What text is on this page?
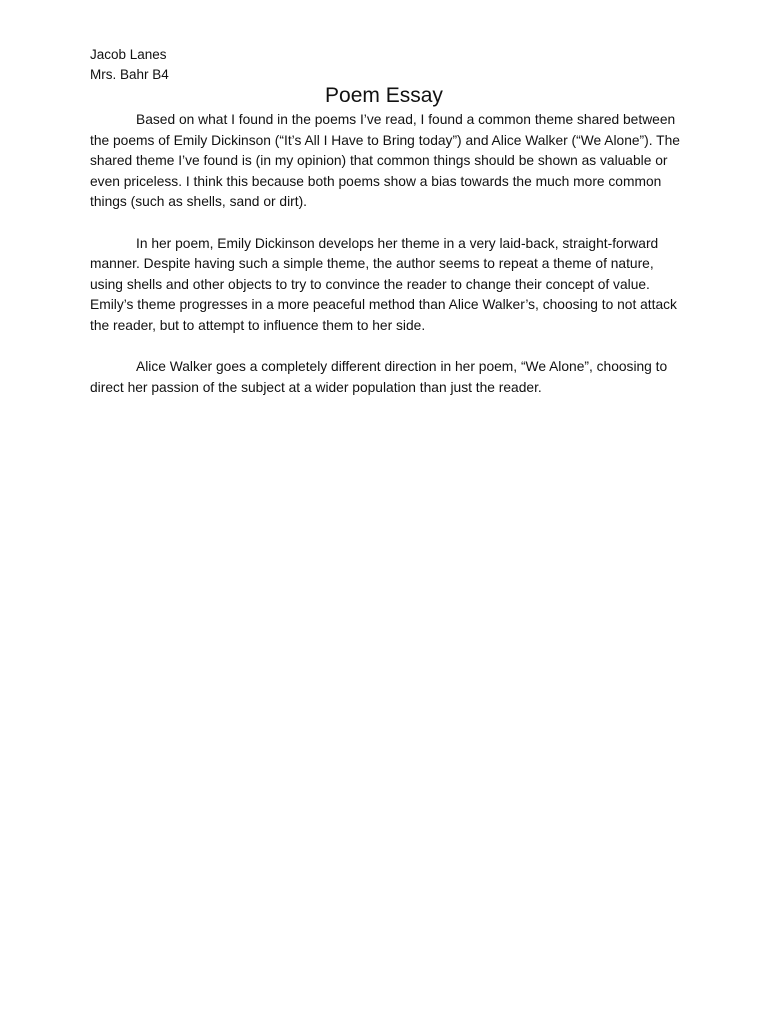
Jacob Lanes

Mrs. Bahr B4

Poem Essay

Based on what I found in the poems I’ve read, I found a common theme shared between the poems of Emily Dickinson (“It’s All I Have to Bring today”) and Alice Walker (“We Alone”). The shared theme I’ve found is (in my opinion) that common things should be shown as valuable or even priceless. I think this because both poems show a bias towards the much more common things (such as shells, sand or dirt).

In her poem, Emily Dickinson develops her theme in a very laid-back, straight-forward manner. Despite having such a simple theme, the author seems to repeat a theme of nature, using shells and other objects to try to convince the reader to change their concept of value. Emily’s theme progresses in a more peaceful method than Alice Walker’s, choosing to not attack the reader, but to attempt to influence them to her side.

Alice Walker goes a completely different direction in her poem, “We Alone”, choosing to direct her passion of the subject at a wider population than just the reader.
